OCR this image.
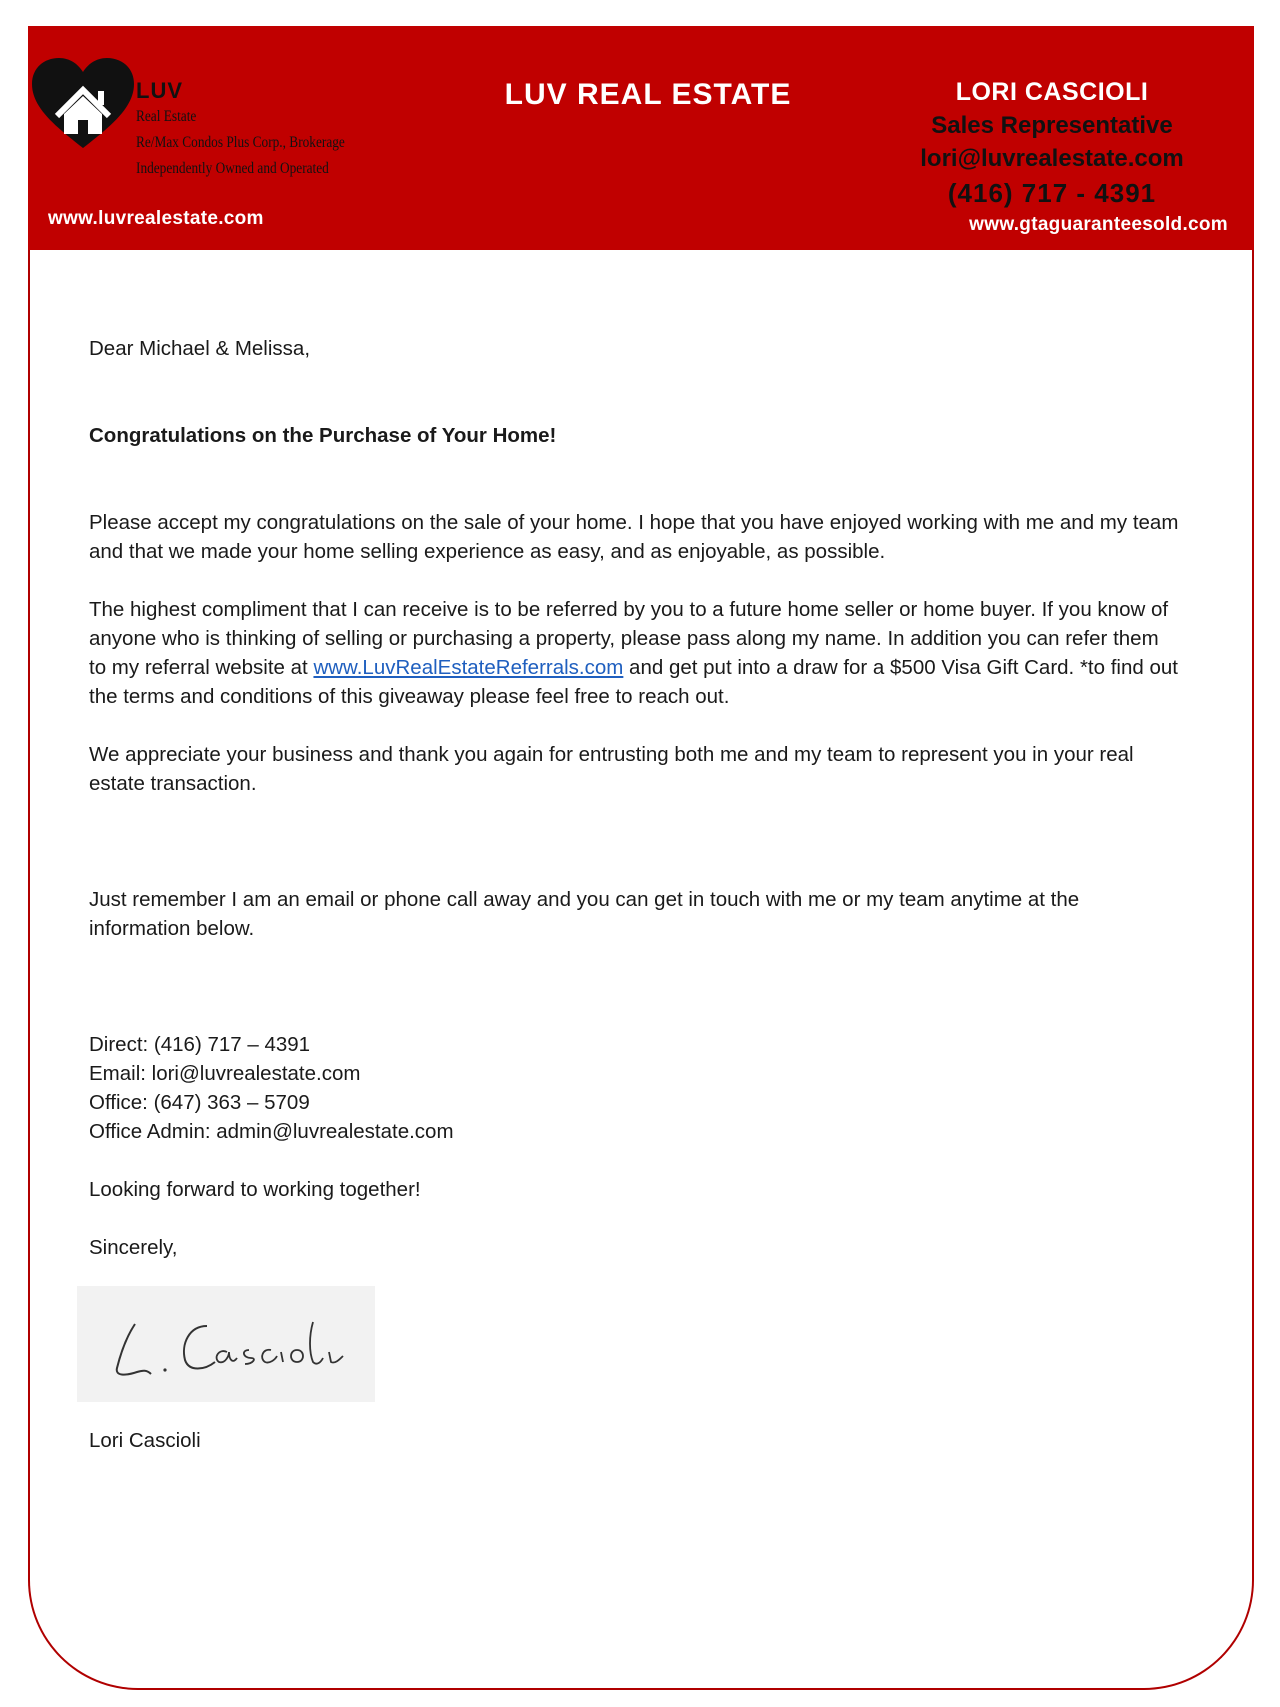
LUV
Real Estate
Re/Max Condos Plus Corp., Brokerage
Independently Owned and Operated
LUV REAL ESTATE	LORI CASCIOLI
Sales Representative
lori@luvrealestate.com
(416) 717 - 4391
www.luvrealestate.com	www.gtaguaranteesold.com

Dear Michael & Melissa,

Congratulations on the Purchase of Your Home!

Please accept my congratulations on the sale of your home. I hope that you have enjoyed working with me and my team and that we made your home selling experience as easy, and as enjoyable, as possible.

The highest compliment that I can receive is to be referred by you to a future home seller or home buyer. If you know of anyone who is thinking of selling or purchasing a property, please pass along my name. In addition you can refer them to my referral website at www.LuvRealEstateReferrals.com and get put into a draw for a $500 Visa Gift Card. *to find out the terms and conditions of this giveaway please feel free to reach out.

We appreciate your business and thank you again for entrusting both me and my team to represent you in your real estate transaction.

Just remember I am an email or phone call away and you can get in touch with me or my team anytime at the information below.

Direct: (416) 717 – 4391

Email: lori@luvrealestate.com

Office: (647) 363 – 5709

Office Admin: admin@luvrealestate.com

Looking forward to working together!

Sincerely,

Lori Cascioli
